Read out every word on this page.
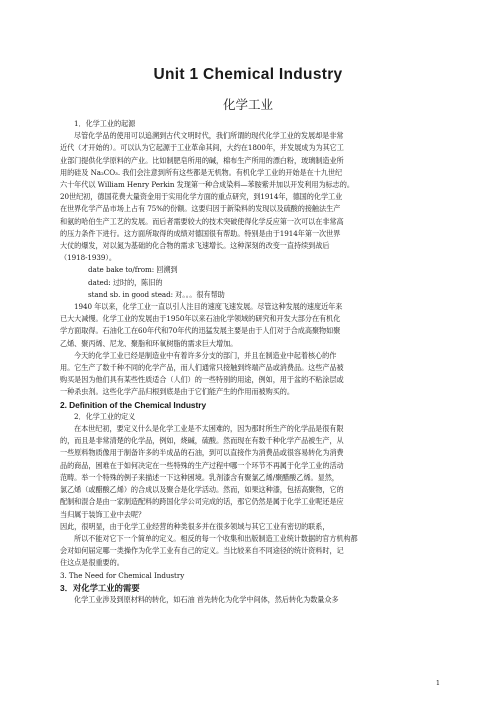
Unit 1 Chemical Industry
化学工业

1．化学工业的起源

尽管化学品的使用可以追溯到古代文明时代，我们所谓的现代化学工业的发展却是非常

近代（才开始的）。可以认为它起源于工业革命其间，大约在1800年，并发展成为为其它工

业部门提供化学原料的产业。比如制肥皂所用的碱，棉布生产所用的漂白粉，玻璃制造业所

用的硅及 Na₂CO₃. 我们会注意到所有这些都是无机物。有机化学工业的开始是在十九世纪

六十年代以 William Henry Perkin 发现第一种合成染料—苯胺紫并加以开发利用为标志的。

20世纪初，德国花费大量资金用于实用化学方面的重点研究，到1914年，德国的化学工业

在世界化学产品市场上占有 75%的份额。这要归因于新染料的发现以及硫酸的接触法生产

和氨的哈伯生产工艺的发展。而后者需要较大的技术突破使得化学反应第一次可以在非常高

的压力条件下进行。这方面所取得的成绩对德国很有帮助。特别是由于1914年第一次世界

大仗的爆发，对以氮为基础的化合物的需求飞速增长。这种深刻的改变一直持续到战后

（1918-1939）。

date bake to/from: 回溯到

dated: 过时的，陈旧的

stand sb. in good stead: 对。。。很有帮助

1940 年以来，化学工业一直以引人注目的速度飞速发展。尽管这种发展的速度近年来

已大大减慢。化学工业的发展由于1950年以来石油化学领域的研究和开发大部分在有机化

学方面取得。石油化工在60年代和70年代的迅猛发展主要是由于人们对于合成高聚物如聚

乙烯、聚丙烯、尼龙、聚脂和环氧树脂的需求巨大增加。

今天的化学工业已经是制造业中有着许多分支的部门，并且在制造业中起着核心的作

用。它生产了数千种不同的化学产品，而人们通常只接触到终端产品或消费品。这些产品被

购买是因为他们具有某些性质适合（人们）的一些特别的用途，例如，用于盆的不粘涂层或

一种杀虫剂。这些化学产品归根到底是由于它们能产生的作用而被购买的。

2. Definition of the Chemical Industry

2．化学工业的定义

在本世纪初，要定义什么是化学工业是不太困难的，因为那时所生产的化学品是很有限

的，而且是非常清楚的化学品，例如，烧碱，硫酸。然而现在有数千种化学产品被生产，从

一些原料物质像用于制备许多的半成品的石油，到可以直接作为消费品或很容易转化为消费

品的商品，困难在于如何决定在一些特殊的生产过程中哪一个环节不再属于化学工业的活动

范畴。举一个特殊的例子来描述一下这种困境。乳剂漆含有聚氯乙烯/聚醋酸乙烯。显然，

氯乙烯（或醋酸乙烯）的合成以及聚合是化学活动。然而，如果这种漆，包括高聚物，它的

配制和混合是由一家制造配料的跨国化学公司完成的话，那它仍然是属于化学工业呢还是应

当归属于装饰工业中去呢？

因此，很明显，由于化学工业经营的种类很多并在很多领域与其它工业有密切的联系，

所以不能对它下一个简单的定义。相反的每一个收集和出版制造工业统计数据的官方机构都

会对如何届定哪一类操作为化学工业有自己的定义。当比较来自不同途径的统计资料时，记

住这点是很重要的。

3. The Need for Chemical Industry

3．对化学工业的需要

化学工业涉及到原材料的转化，如石油 首先转化为化学中间体，然后转化为数量众多

1
